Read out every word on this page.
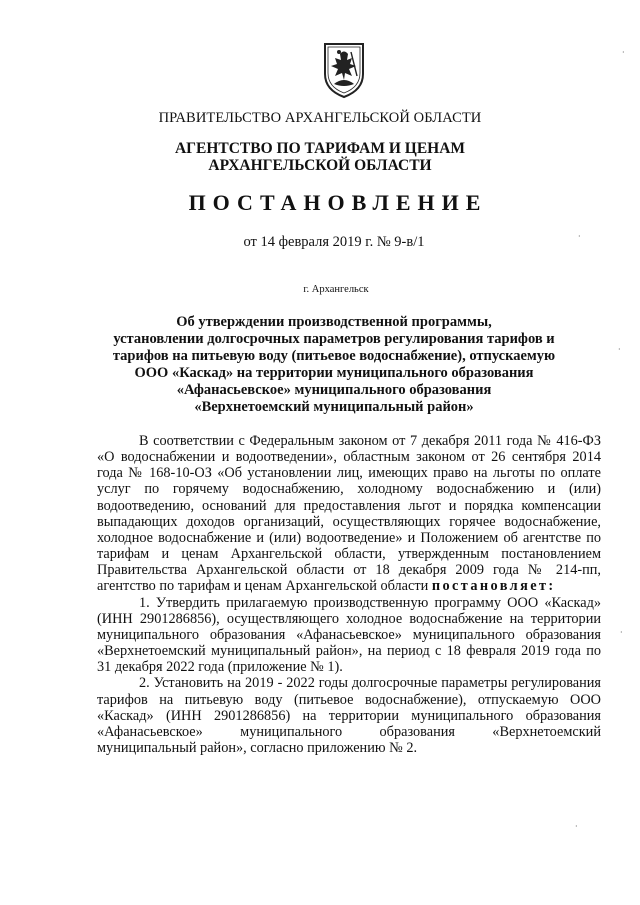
ПРАВИТЕЛЬСТВО АРХАНГЕЛЬСКОЙ ОБЛАСТИ
АГЕНТСТВО ПО ТАРИФАМ И ЦЕНАМ
АРХАНГЕЛЬСКОЙ ОБЛАСТИ
ПОСТАНОВЛЕНИЕ
от 14 февраля 2019 г. № 9-в/1
г. Архангельск
Об утверждении производственной программы,
установлении долгосрочных параметров регулирования тарифов и
тарифов на питьевую воду (питьевое водоснабжение), отпускаемую
ООО «Каскад» на территории муниципального образования
«Афанасьевское» муниципального образования
«Верхнетоемский муниципальный район»

В соответствии с Федеральным законом от 7 декабря 2011 года № 416-ФЗ «О водоснабжении и водоотведении», областным законом от 26 сентября 2014 года № 168-10-ОЗ «Об установлении лиц, имеющих право на льготы по оплате услуг по горячему водоснабжению, холодному водоснабжению и (или) водоотведению, оснований для предоставления льгот и порядка компенсации выпадающих доходов организаций, осуществляющих горячее водоснабжение, холодное водоснабжение и (или) водоотведение» и Положением об агентстве по тарифам и ценам Архангельской области, утвержденным постановлением Правительства Архангельской области от 18 декабря 2009 года № 214-пп, агентство по тарифам и ценам Архангельской области постановляет:

1. Утвердить прилагаемую производственную программу ООО «Каскад» (ИНН 2901286856), осуществляющего холодное водоснабжение на территории муниципального образования «Афанасьевское» муниципального образования «Верхнетоемский муниципальный район», на период с 18 февраля 2019 года по 31 декабря 2022 года (приложение № 1).

2. Установить на 2019 - 2022 годы долгосрочные параметры регулирования тарифов на питьевую воду (питьевое водоснабжение), отпускаемую ООО «Каскад» (ИНН 2901286856) на территории муниципального образования «Афанасьевское» муниципального образования «Верхнетоемский муниципальный район», согласно приложению № 2.

·
·
·
·
·
